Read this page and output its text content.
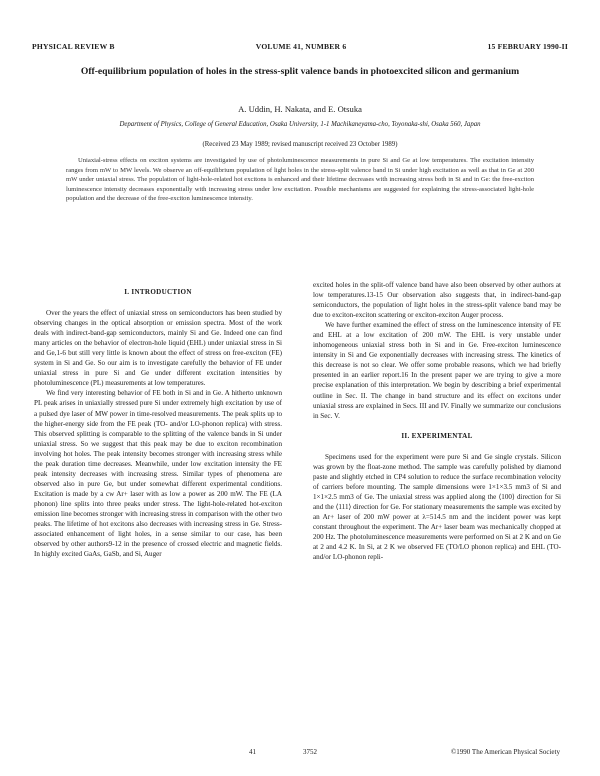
PHYSICAL REVIEW B	VOLUME 41, NUMBER 6	15 FEBRUARY 1990-II
Off-equilibrium population of holes in the stress-split valence bands in photoexcited silicon and germanium
A. Uddin, H. Nakata, and E. Otsuka
Department of Physics, College of General Education, Osaka University, 1-1 Machikaneyama-cho, Toyonaka-shi, Osaka 560, Japan
(Received 23 May 1989; revised manuscript received 23 October 1989)

Uniaxial-stress effects on exciton systems are investigated by use of photoluminescence measurements in pure Si and Ge at low temperatures. The excitation intensity ranges from mW to MW levels. We observe an off-equilibrium population of light holes in the stress-split valence band in Si under high excitation as well as that in Ge at 200 mW under uniaxial stress. The population of light-hole-related hot excitons is enhanced and their lifetime decreases with increasing stress both in Si and in Ge: the free-exciton luminescence intensity decreases exponentially with increasing stress under low excitation. Possible mechanisms are suggested for explaining the stress-associated light-hole population and the decrease of the free-exciton luminescence intensity.

I. INTRODUCTION

Over the years the effect of uniaxial stress on semiconductors has been studied by observing changes in the optical absorption or emission spectra. Most of the work deals with indirect-band-gap semiconductors, mainly Si and Ge. Indeed one can find many articles on the behavior of electron-hole liquid (EHL) under uniaxial stress in Si and Ge,1-6 but still very little is known about the effect of stress on free-exciton (FE) system in Si and Ge. So our aim is to investigate carefully the behavior of FE under uniaxial stress in pure Si and Ge under different excitation intensities by photoluminescence (PL) measurements at low temperatures.

We find very interesting behavior of FE both in Si and in Ge. A hitherto unknown PL peak arises in uniaxially stressed pure Si under extremely high excitation by use of a pulsed dye laser of MW power in time-resolved measurements. The peak splits up to the higher-energy side from the FE peak (TO- and/or LO-phonon replica) with stress. This observed splitting is comparable to the splitting of the valence bands in Si under uniaxial stress. So we suggest that this peak may be due to exciton recombination involving hot holes. The peak intensity becomes stronger with increasing stress while the peak duration time decreases. Meanwhile, under low excitation intensity the FE peak intensity decreases with increasing stress. Similar types of phenomena are observed also in pure Ge, but under somewhat different experimental conditions. Excitation is made by a cw Ar+ laser with as low a power as 200 mW. The FE (LA phonon) line splits into three peaks under stress. The light-hole-related hot-exciton emission line becomes stronger with increasing stress in comparison with the other two peaks. The lifetime of hot excitons also decreases with increasing stress in Ge. Stress-associated enhancement of light holes, in a sense similar to our case, has been observed by other authors9-12 in the presence of crossed electric and magnetic fields. In highly excited GaAs, GaSb, and Si, Auger

excited holes in the split-off valence band have also been observed by other authors at low temperatures.13-15 Our observation also suggests that, in indirect-band-gap semiconductors, the population of light holes in the stress-split valence band may be due to exciton-exciton scattering or exciton-exciton Auger process.

We have further examined the effect of stress on the luminescence intensity of FE and EHL at a low excitation of 200 mW. The EHL is very unstable under inhomogeneous uniaxial stress both in Si and in Ge. Free-exciton luminescence intensity in Si and Ge exponentially decreases with increasing stress. The kinetics of this decrease is not so clear. We offer some probable reasons, which we had briefly presented in an earlier report.16 In the present paper we are trying to give a more precise explanation of this interpretation. We begin by describing a brief experimental outline in Sec. II. The change in band structure and its effect on excitons under uniaxial stress are explained in Secs. III and IV. Finally we summarize our conclusions in Sec. V.

II. EXPERIMENTAL

Specimens used for the experiment were pure Si and Ge single crystals. Silicon was grown by the float-zone method. The sample was carefully polished by diamond paste and slightly etched in CP4 solution to reduce the surface recombination velocity of carriers before mounting. The sample dimensions were 1×1×3.5 mm3 of Si and 1×1×2.5 mm3 of Ge. The uniaxial stress was applied along the ⟨100⟩ direction for Si and the ⟨111⟩ direction for Ge. For stationary measurements the sample was excited by an Ar+ laser of 200 mW power at λ=514.5 nm and the incident power was kept constant throughout the experiment. The Ar+ laser beam was mechanically chopped at 200 Hz. The photoluminescence measurements were performed on Si at 2 K and on Ge at 2 and 4.2 K. In Si, at 2 K we observed FE (TO/LO phonon replica) and EHL (TO- and/or LO-phonon repli-

41	3752	©1990 The American Physical Society
